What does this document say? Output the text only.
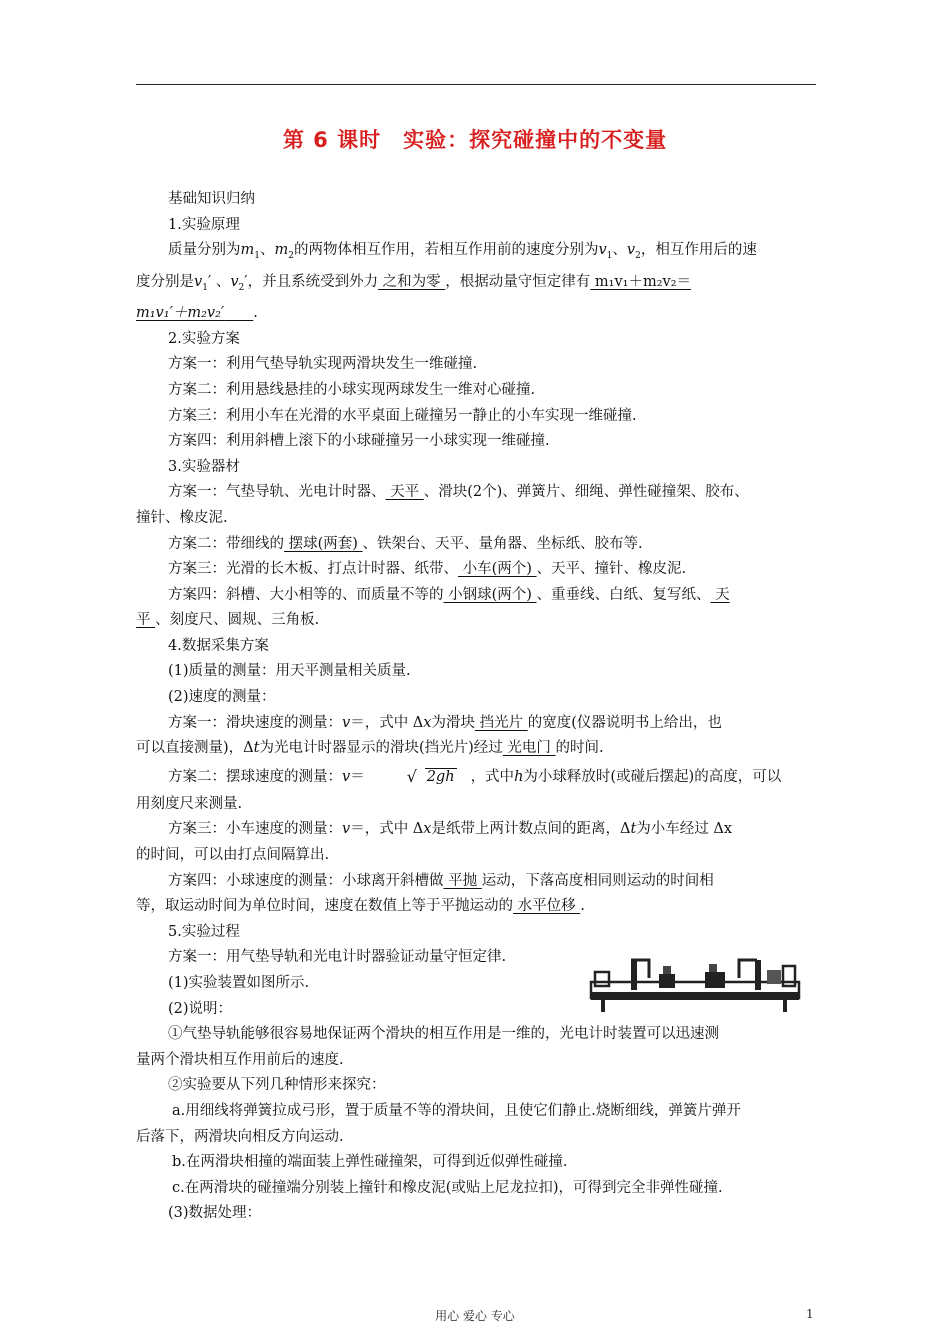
第 6 课时　实验：探究碰撞中的不变量

基础知识归纳

1.实验原理

质量分别为$m_1$、$m_2$的两物体相互作用，若相互作用前的速度分别为$v_1$、$v_2$，相互作用后的速

度分别是$v_1'$ 、$v_2'$，并且系统受到外力 之和为零 ，根据动量守恒定律有 m₁v₁＋m₂v₂＝

m₁v₁′＋m₂v₂′   .

2.实验方案

方案一：利用气垫导轨实现两滑块发生一维碰撞.

方案二：利用悬线悬挂的小球实现两球发生一维对心碰撞.

方案三：利用小车在光滑的水平桌面上碰撞另一静止的小车实现一维碰撞.

方案四：利用斜槽上滚下的小球碰撞另一小球实现一维碰撞.

3.实验器材

方案一：气垫导轨、光电计时器、 天平 、滑块(2个)、弹簧片、细绳、弹性碰撞架、胶布、

撞针、橡皮泥.

方案二：带细线的 摆球(两套) 、铁架台、天平、量角器、坐标纸、胶布等.

方案三：光滑的长木板、打点计时器、纸带、 小车(两个) 、天平、撞针、橡皮泥.

方案四：斜槽、大小相等的、而质量不等的 小钢球(两个) 、重垂线、白纸、复写纸、 天

平 、刻度尺、圆规、三角板.

4.数据采集方案

(1)质量的测量：用天平测量相关质量.

(2)速度的测量：

方案一：滑块速度的测量：v＝，式中 Δx为滑块 挡光片 的宽度(仪器说明书上给出，也

可以直接测量)，Δt为光电计时器显示的滑块(挡光片)经过 光电门 的时间.

方案二：摆球速度的测量：v＝	√ 2gh ，式中h为小球释放时(或碰后摆起)的高度，可以

用刻度尺来测量.

方案三：小车速度的测量：v＝，式中 Δx是纸带上两计数点间的距离，Δt为小车经过 Δx

的时间，可以由打点间隔算出.

方案四：小球速度的测量：小球离开斜槽做 平抛 运动，下落高度相同则运动的时间相

等，取运动时间为单位时间，速度在数值上等于平抛运动的 水平位移 .

5.实验过程

方案一：用气垫导轨和光电计时器验证动量守恒定律.

(1)实验装置如图所示.

(2)说明：

①气垫导轨能够很容易地保证两个滑块的相互作用是一维的，光电计时装置可以迅速测

量两个滑块相互作用前后的速度.

②实验要从下列几种情形来探究：

a.用细线将弹簧拉成弓形，置于质量不等的滑块间，且使它们静止.烧断细线，弹簧片弹开

后落下，两滑块向相反方向运动.

b.在两滑块相撞的端面装上弹性碰撞架，可得到近似弹性碰撞.

c.在两滑块的碰撞端分别装上撞针和橡皮泥(或贴上尼龙拉扣)，可得到完全非弹性碰撞.

(3)数据处理：

用心 爱心 专心	1
